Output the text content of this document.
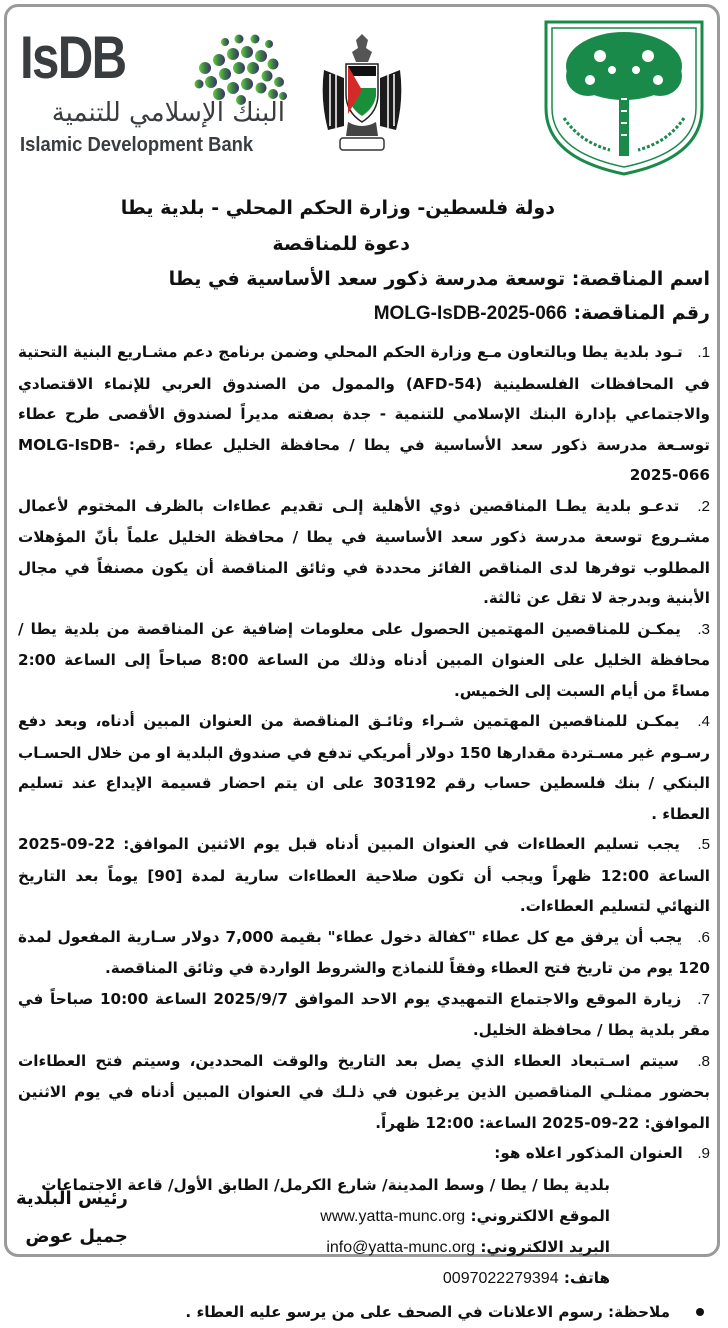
IsDB
البنك الإسلامي للتنمية
Islamic Development Bank
دولة فلسطين- وزارة الحكم المحلي - بلدية يطا
دعوة للمناقصة
اسم المناقصة: توسعة مدرسة ذكور سعد الأساسية في يطا
رقم المناقصة: MOLG-IsDB-2025-066
1. تـود بلدية يطا وبالتعاون مـع وزارة الحكم المحلي وضمن برنامج دعم مشـاريع البنية التحتية في المحافظات الفلسطينية (AFD-54) والممول من الصندوق العربي للإنماء الاقتصادي والاجتماعي بإدارة البنك الإسلامي للتنمية - جدة بصفته مديراً لصندوق الأقصى طرح عطاء توسـعة مدرسة ذكور سعد الأساسية في يطا / محافظة الخليل عطاء رقم: MOLG-IsDB-2025-066
2. تدعـو بلدية يطـا المناقصين ذوي الأهلية إلـى تقديم عطاءات بالظرف المختوم لأعمال مشـروع توسعة مدرسة ذكور سعد الأساسية في يطا / محافظة الخليل علماً بأنّ المؤهلات المطلوب توفرها لدى المناقص الفائز محددة في وثائق المناقصة أن يكون مصنفاً في مجال الأبنية وبدرجة لا تقل عن ثالثة.
3. يمكـن للمناقصين المهتمين الحصول على معلومات إضافية عن المناقصة من بلدية يطا / محافظة الخليل على العنوان المبين أدناه وذلك من الساعة 8:00 صباحاً إلى الساعة 2:00 مساءً من أيام السبت إلى الخميس.
4. يمكـن للمناقصين المهتمين شـراء وثائـق المناقصة من العنوان المبين أدناه، وبعد دفع رسـوم غير مسـتردة مقدارها 150 دولار أمريكي تدفع في صندوق البلدية او من خلال الحسـاب البنكي / بنك فلسطين حساب رقم 303192 على ان يتم احضار قسيمة الإيداع عند تسليم العطاء .
5. يجب تسليم العطاءات في العنوان المبين أدناه قبل يوم الاثنين الموافق: 22-09-2025 الساعة 12:00 ظهراً ويجب أن تكون صلاحية العطاءات سارية لمدة [90] يوماً بعد التاريخ النهائي لتسليم العطاءات.
6. يجب أن يرفق مع كل عطاء "كفالة دخول عطاء" بقيمة 7,000 دولار سـارية المفعول لمدة 120 يوم من تاريخ فتح العطاء وفقاً للنماذج والشروط الواردة في وثائق المناقصة.
7. زيارة الموقع والاجتماع التمهيدي يوم الاحد الموافق 2025/9/7 الساعة 10:00 صباحاً في مقر بلدية يطا / محافظة الخليل.
8. سيتم اسـتبعاد العطاء الذي يصل بعد التاريخ والوقت المحددين، وسيتم فتح العطاءات بحضور ممثلـي المناقصين الذين يرغبون في ذلـك في العنوان المبين أدناه في يوم الاثنين الموافق: 22-09-2025 الساعة: 12:00 ظهراً.
9. العنوان المذكور اعلاه هو:
بلدية يطا / يطا / وسط المدينة/ شارع الكرمل/ الطابق الأول/ قاعة الاجتماعات
الموقع الالكتروني: www.yatta-munc.org
البريد الالكتروني: info@yatta-munc.org
هاتف: 0097022279394
ملاحظة: رسوم الاعلانات في الصحف على من يرسو عليه العطاء .
رئيس البلدية
جميل عوض
